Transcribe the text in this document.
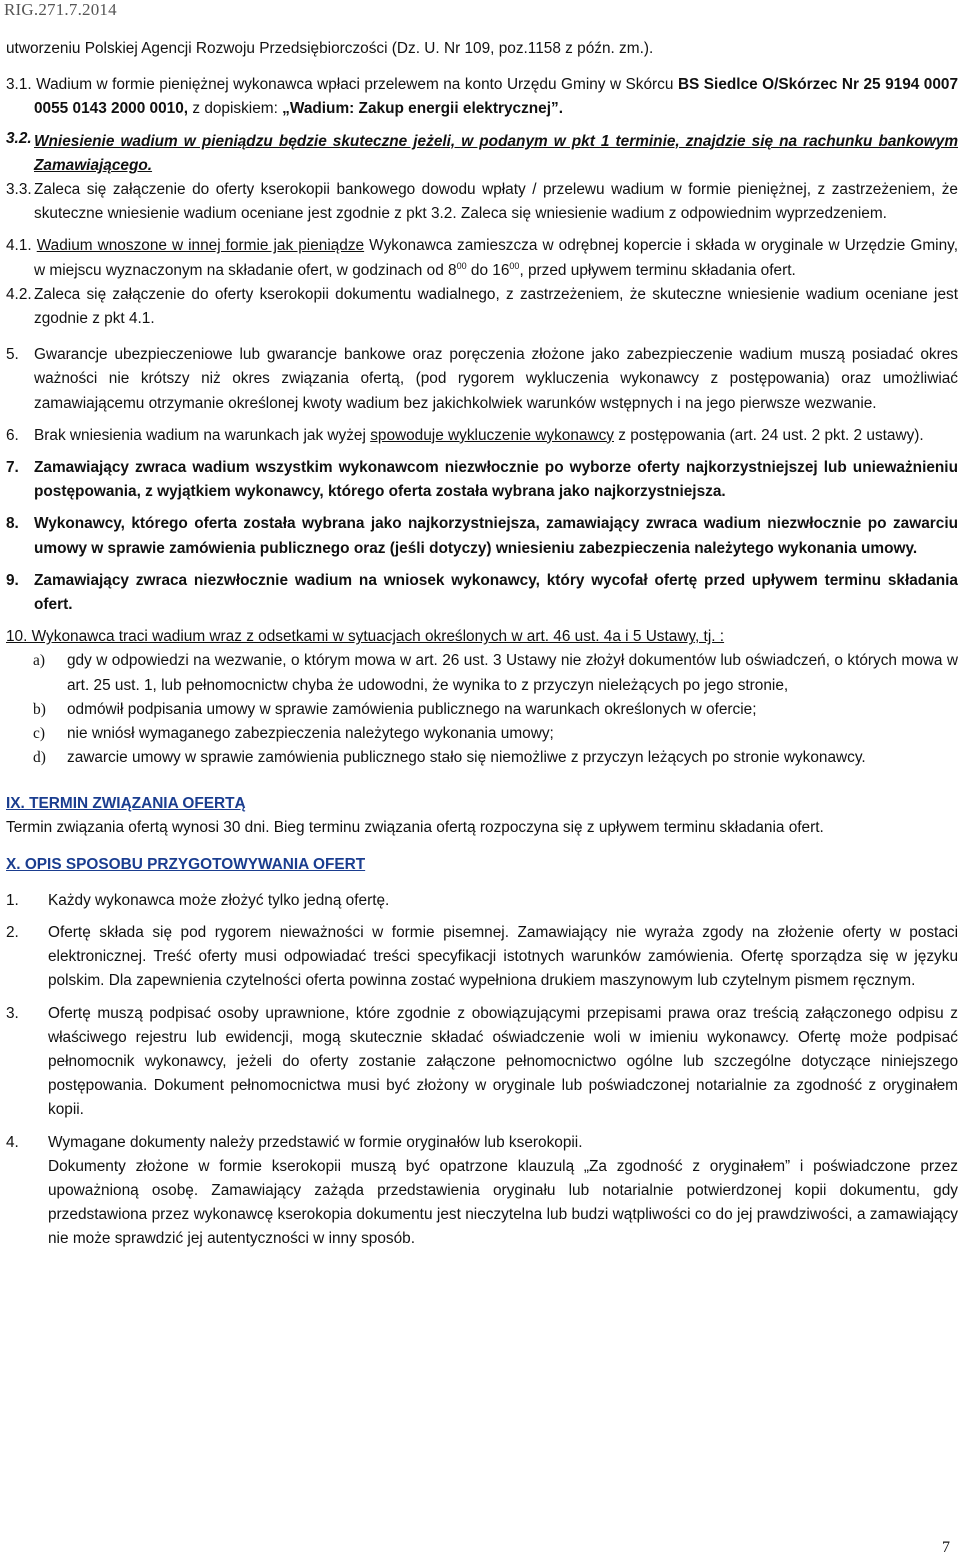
RIG.271.7.2014

utworzeniu Polskiej Agencji Rozwoju Przedsiębiorczości (Dz. U. Nr 109, poz.1158 z późn. zm.).

3.1. Wadium w formie pieniężnej wykonawca wpłaci przelewem na konto Urzędu Gminy w Skórcu BS Siedlce O/Skórzec Nr 25 9194 0007 0055 0143 2000 0010, z dopiskiem: „Wadium: Zakup energii elektrycznej”.

3.2. Wniesienie wadium w pieniądzu będzie skuteczne jeżeli, w podanym w pkt 1 terminie, znajdzie się na rachunku bankowym Zamawiającego.
3.3. Zaleca się załączenie do oferty kserokopii bankowego dowodu wpłaty / przelewu wadium w formie pieniężnej, z zastrzeżeniem, że skuteczne wniesienie wadium oceniane jest zgodnie z pkt 3.2. Zaleca się wniesienie wadium z odpowiednim wyprzedzeniem.

4.1. Wadium wnoszone w innej formie jak pieniądze Wykonawca zamieszcza w odrębnej kopercie i składa w oryginale w Urzędzie Gminy, w miejscu wyznaczonym na składanie ofert, w godzinach od $8^{00}$ do $16^{00}$, przed upływem terminu składania ofert.

4.2. Zaleca się załączenie do oferty kserokopii dokumentu wadialnego, z zastrzeżeniem, że skuteczne wniesienie wadium oceniane jest zgodnie z pkt 4.1.
5. Gwarancje ubezpieczeniowe lub gwarancje bankowe oraz poręczenia złożone jako zabezpieczenie wadium muszą posiadać okres ważności nie krótszy niż okres związania ofertą, (pod rygorem wykluczenia wykonawcy z postępowania) oraz umożliwiać zamawiającemu otrzymanie określonej kwoty wadium bez jakichkolwiek warunków wstępnych i na jego pierwsze wezwanie.
6. Brak wniesienia wadium na warunkach jak wyżej spowoduje wykluczenie wykonawcy z postępowania (art. 24 ust. 2 pkt. 2 ustawy).

7. Zamawiający zwraca wadium wszystkim wykonawcom niezwłocznie po wyborze oferty najkorzystniejszej lub unieważnieniu postępowania, z wyjątkiem wykonawcy, którego oferta została wybrana jako najkorzystniejsza.
8. Wykonawcy, którego oferta została wybrana jako najkorzystniejsza, zamawiający zwraca wadium niezwłocznie po zawarciu umowy w sprawie zamówienia publicznego oraz (jeśli dotyczy) wniesieniu zabezpieczenia należytego wykonania umowy.
9. Zamawiający zwraca niezwłocznie wadium na wniosek wykonawcy, który wycofał ofertę przed upływem terminu składania ofert.

10. Wykonawca traci wadium wraz z odsetkami w sytuacjach określonych w art. 46 ust. 4a i 5 Ustawy, tj. :

a)	gdy w odpowiedzi na wezwanie, o którym mowa w art. 26 ust. 3 Ustawy nie złożył dokumentów lub oświadczeń, o których mowa w art. 25 ust. 1, lub pełnomocnictw chyba że udowodni, że wynika to z przyczyn nieleżących po jego stronie,
b)	odmówił podpisania umowy w sprawie zamówienia publicznego na warunkach określonych w ofercie;
c)	nie wniósł wymaganego zabezpieczenia należytego wykonania umowy;
d)	zawarcie umowy w sprawie zamówienia publicznego stało się niemożliwe z przyczyn leżących po stronie wykonawcy.
IX. TERMIN ZWIĄZANIA OFERTĄ

Termin związania ofertą wynosi 30 dni. Bieg terminu związania ofertą rozpoczyna się z upływem terminu składania ofert.

X. OPIS SPOSOBU PRZYGOTOWYWANIA OFERT
1.	Każdy wykonawca może złożyć tylko jedną ofertę.
2.	Ofertę składa się pod rygorem nieważności w formie pisemnej. Zamawiający nie wyraża zgody na złożenie oferty w postaci elektronicznej. Treść oferty musi odpowiadać treści specyfikacji istotnych warunków zamówienia. Ofertę sporządza się w języku polskim. Dla zapewnienia czytelności oferta powinna zostać wypełniona drukiem maszynowym lub czytelnym pismem ręcznym.
3.	Ofertę muszą podpisać osoby uprawnione, które zgodnie z obowiązującymi przepisami prawa oraz treścią załączonego odpisu z właściwego rejestru lub ewidencji, mogą skutecznie składać oświadczenie woli w imieniu wykonawcy. Ofertę może podpisać pełnomocnik wykonawcy, jeżeli do oferty zostanie załączone pełnomocnictwo ogólne lub szczególne dotyczące niniejszego postępowania. Dokument pełnomocnictwa musi być złożony w oryginale lub poświadczonej notarialnie za zgodność z oryginałem kopii.
4.	Wymagane dokumenty należy przedstawić w formie oryginałów lub kserokopii.

Dokumenty złożone w formie kserokopii muszą być opatrzone klauzulą „Za zgodność z oryginałem” i poświadczone przez upoważnioną osobę. Zamawiający zażąda przedstawienia oryginału lub notarialnie potwierdzonej kopii dokumentu, gdy przedstawiona przez wykonawcę kserokopia dokumentu jest nieczytelna lub budzi wątpliwości co do jej prawdziwości, a zamawiający nie może sprawdzić jej autentyczności w inny sposób.

7
